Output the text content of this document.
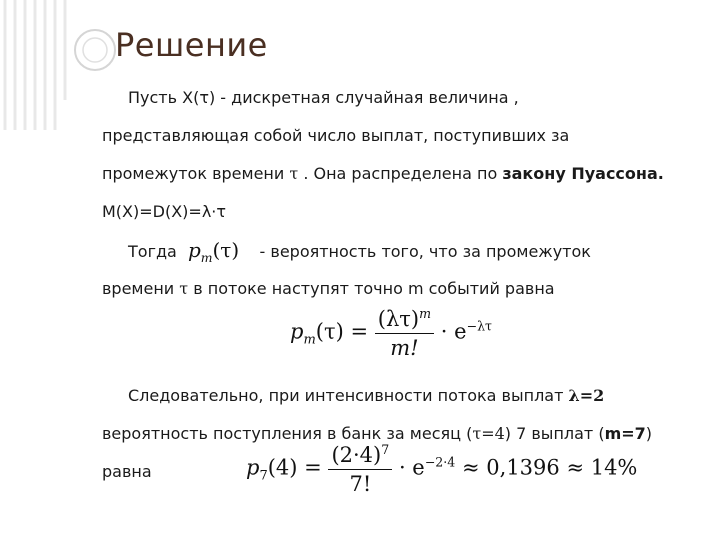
Решение
Пусть X(τ) - дискретная случайная величина ,
представляющая собой число выплат, поступивших за
промежуток времени τ . Она распределена по закону Пуассона.
M(X)=D(X)=λ·τ
Тогда $p_m(\tau)$ - вероятность того, что за промежуток
времени τ в потоке наступят точно m событий равна
$p_m(\tau) = \frac{(\lambda\tau)^m}{m!} \cdot e^{-\lambda\tau}$
Следовательно, при интенсивности потока выплат λ=2
вероятность поступления в банк за месяц (τ=4) 7 выплат (m=7)
равна	$p_7(4) = \frac{(2\cdot 4)^7}{7!} \cdot e^{-2\cdot 4} \approx 0,1396 \approx 14\%$
